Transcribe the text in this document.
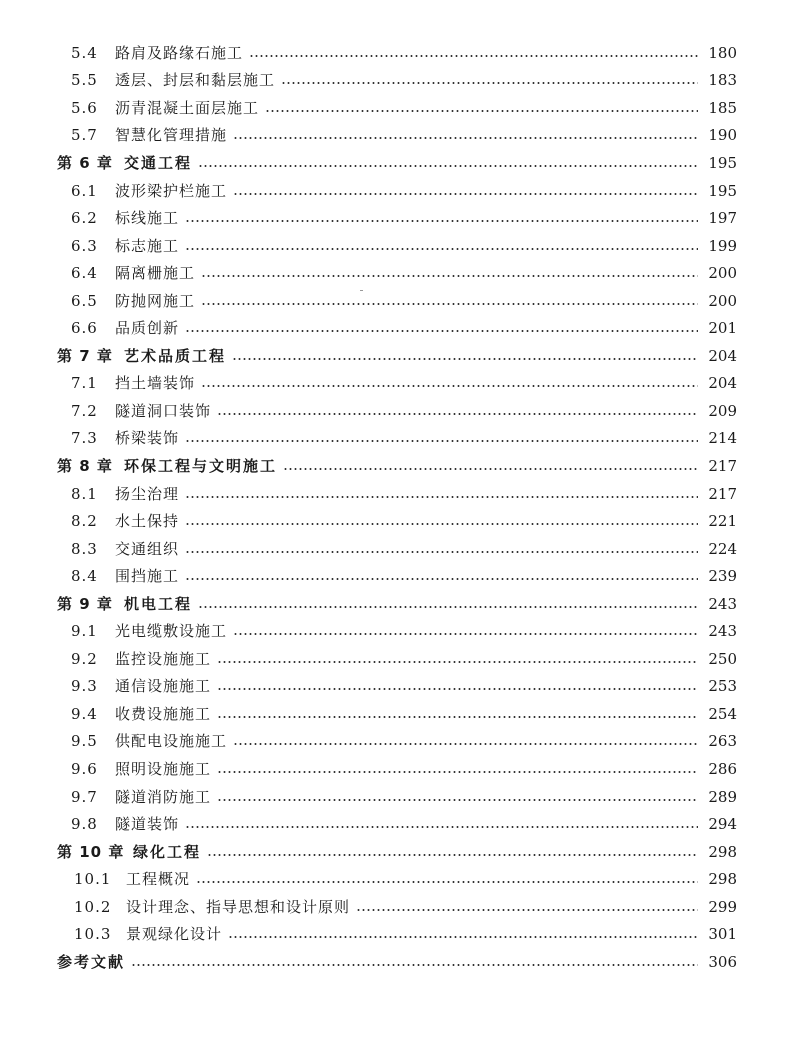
5.4	路肩及路缘石施工	180
5.5	透层、封层和黏层施工	183
5.6	沥青混凝土面层施工	185
5.7	智慧化管理措施	190
第 6 章 交通工程	195
6.1	波形梁护栏施工	195
6.2	标线施工	197
6.3	标志施工	199
6.4	隔离栅施工	200
6.5	防抛网施工	200
6.6	品质创新	201
第 7 章 艺术品质工程	204
7.1	挡土墙装饰	204
7.2	隧道洞口装饰	209
7.3	桥梁装饰	214
第 8 章 环保工程与文明施工	217
8.1	扬尘治理	217
8.2	水土保持	221
8.3	交通组织	224
8.4	围挡施工	239
第 9 章 机电工程	243
9.1	光电缆敷设施工	243
9.2	监控设施施工	250
9.3	通信设施施工	253
9.4	收费设施施工	254
9.5	供配电设施施工	263
9.6	照明设施施工	286
9.7	隧道消防施工	289
9.8	隧道装饰	294
第 10 章 绿化工程	298
10.1 工程概况	298
10.2 设计理念、指导思想和设计原则	299
10.3 景观绿化设计	301
参考文献	306
